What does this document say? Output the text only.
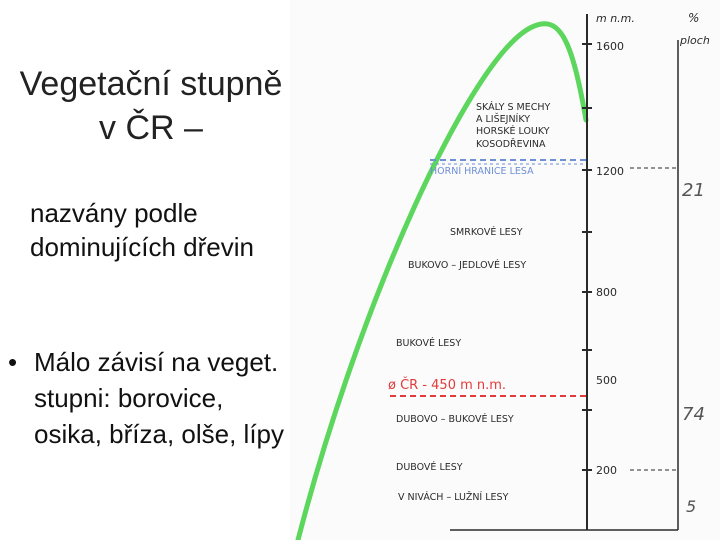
Vegetační stupně v ČR –
nazvány podle dominujících dřevin
• Málo závisí na veget. stupni: borovice, osika, bříza, olše, lípy
m n.m.	%
ploch
1600
1200
800
500
200
21
74
5
SKÁLY S MECHY
A LIŠEJNÍKY
HORSKÉ LOUKY
KOSODŘEVINA
HORNÍ HRANICE LESA
SMRKOVÉ LESY
BUKOVO – JEDLOVÉ LESY
BUKOVÉ LESY
ø ČR - 450 m n.m.
DUBOVO – BUKOVÉ LESY
DUBOVÉ LESY
V NIVÁCH – LUŽNÍ LESY
